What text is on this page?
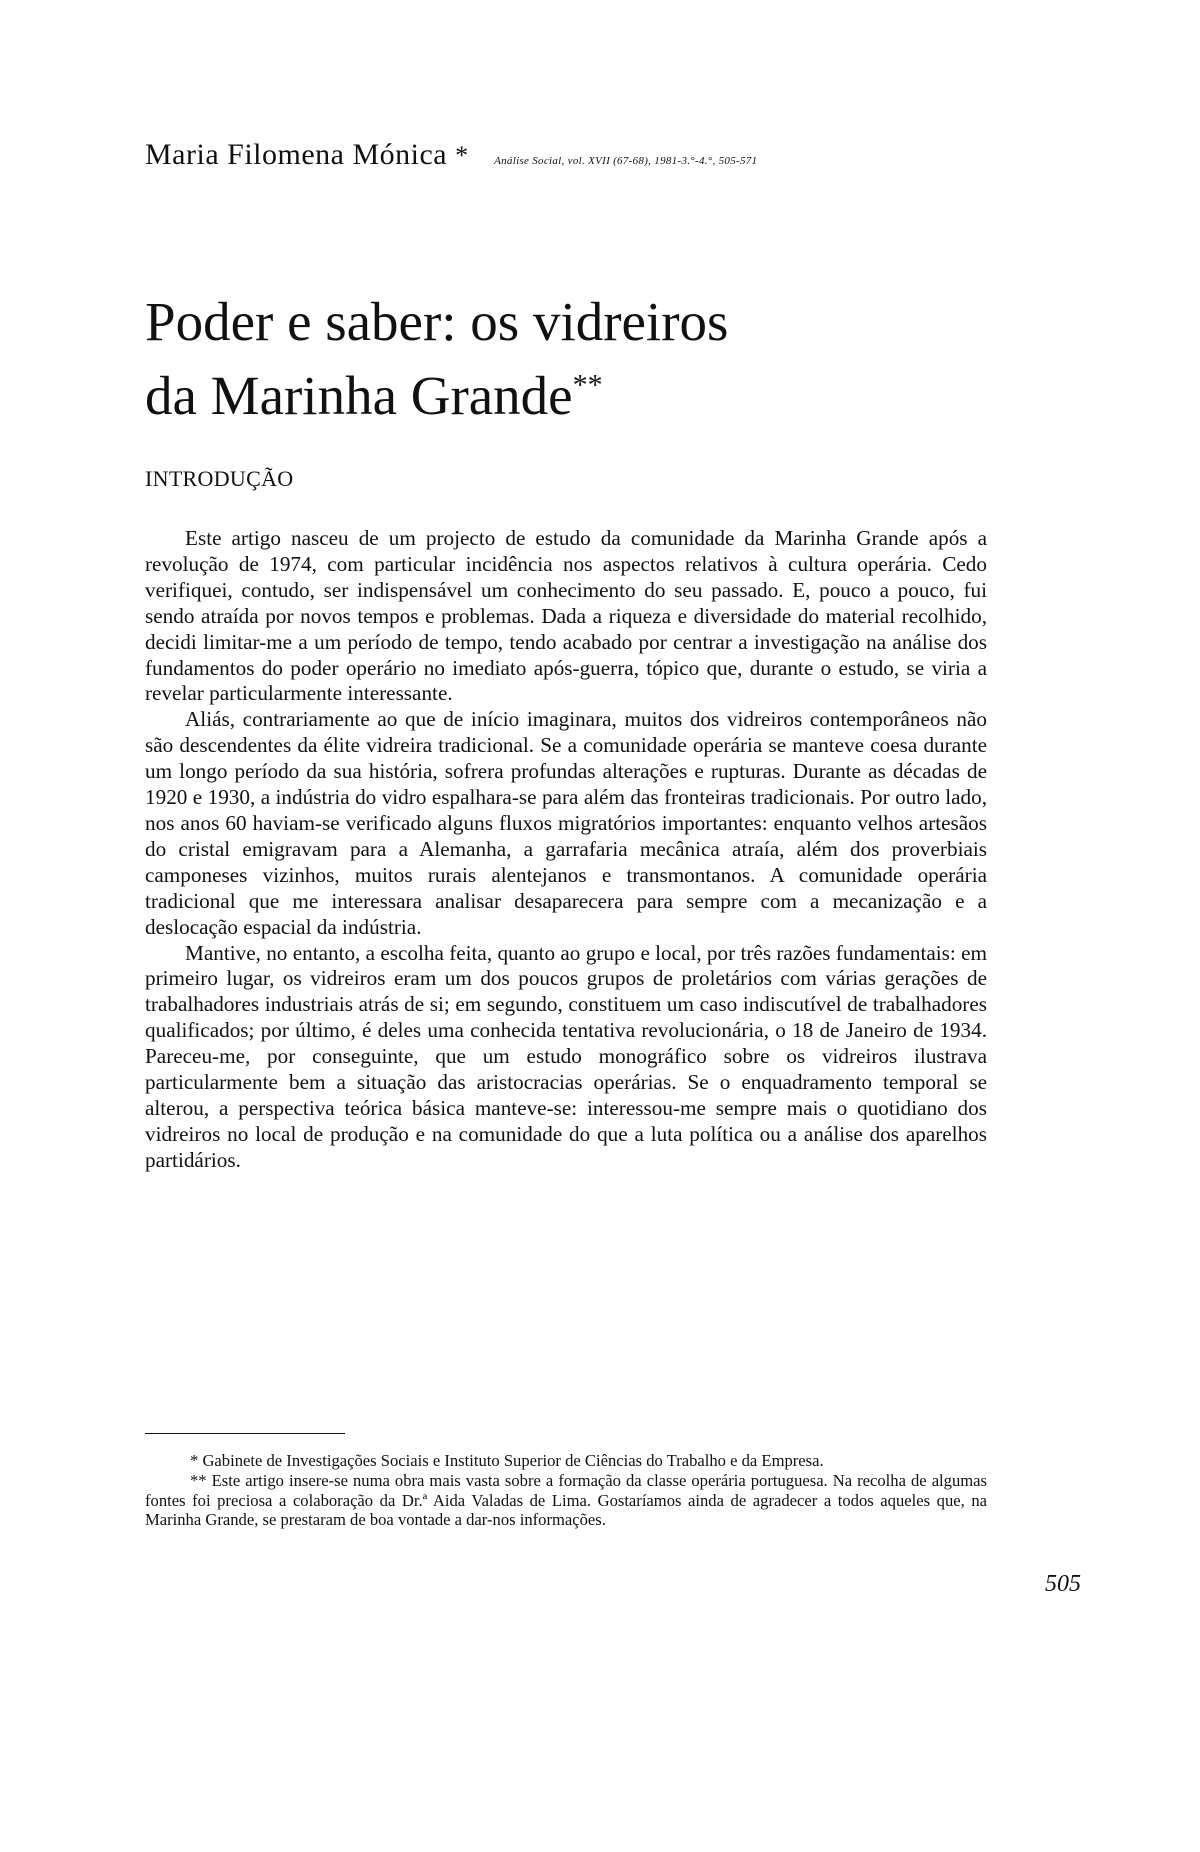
Maria Filomena Mónica * Análise Social, vol. XVII (67-68), 1981-3.°-4.°, 505-571
Poder e saber: os vidreiros
da Marinha Grande**
INTRODUÇÃO

Este artigo nasceu de um projecto de estudo da comunidade da Marinha Grande após a revolução de 1974, com particular incidência nos aspectos relativos à cultura operária. Cedo verifiquei, contudo, ser indispensável um conhecimento do seu passado. E, pouco a pouco, fui sendo atraída por novos tempos e problemas. Dada a riqueza e diversidade do material recolhido, decidi limitar-me a um período de tempo, tendo acabado por centrar a investigação na análise dos fundamentos do poder operário no imediato após-guerra, tópico que, durante o estudo, se viria a revelar particularmente interessante.

Aliás, contrariamente ao que de início imaginara, muitos dos vidreiros contemporâneos não são descendentes da élite vidreira tradicional. Se a comunidade operária se manteve coesa durante um longo período da sua história, sofrera profundas alterações e rupturas. Durante as décadas de 1920 e 1930, a indústria do vidro espalhara-se para além das fronteiras tradicionais. Por outro lado, nos anos 60 haviam-se verificado alguns fluxos migratórios importantes: enquanto velhos artesãos do cristal emigravam para a Alemanha, a garrafaria mecânica atraía, além dos proverbiais camponeses vizinhos, muitos rurais alentejanos e transmontanos. A comunidade operária tradicional que me interessara analisar desaparecera para sempre com a mecanização e a deslocação espacial da indústria.

Mantive, no entanto, a escolha feita, quanto ao grupo e local, por três razões fundamentais: em primeiro lugar, os vidreiros eram um dos poucos grupos de proletários com várias gerações de trabalhadores industriais atrás de si; em segundo, constituem um caso indiscutível de trabalhadores qualificados; por último, é deles uma conhecida tentativa revolucionária, o 18 de Janeiro de 1934. Pareceu-me, por conseguinte, que um estudo monográfico sobre os vidreiros ilustrava particularmente bem a situação das aristocracias operárias. Se o enquadramento temporal se alterou, a perspectiva teórica básica manteve-se: interessou-me sempre mais o quotidiano dos vidreiros no local de produção e na comunidade do que a luta política ou a análise dos aparelhos partidários.

* Gabinete de Investigações Sociais e Instituto Superior de Ciências do Trabalho e da Empresa.

** Este artigo insere-se numa obra mais vasta sobre a formação da classe operária portuguesa. Na recolha de algumas fontes foi preciosa a colaboração da Dr.ª Aida Valadas de Lima. Gostaríamos ainda de agradecer a todos aqueles que, na Marinha Grande, se prestaram de boa vontade a dar-nos informações.

505
